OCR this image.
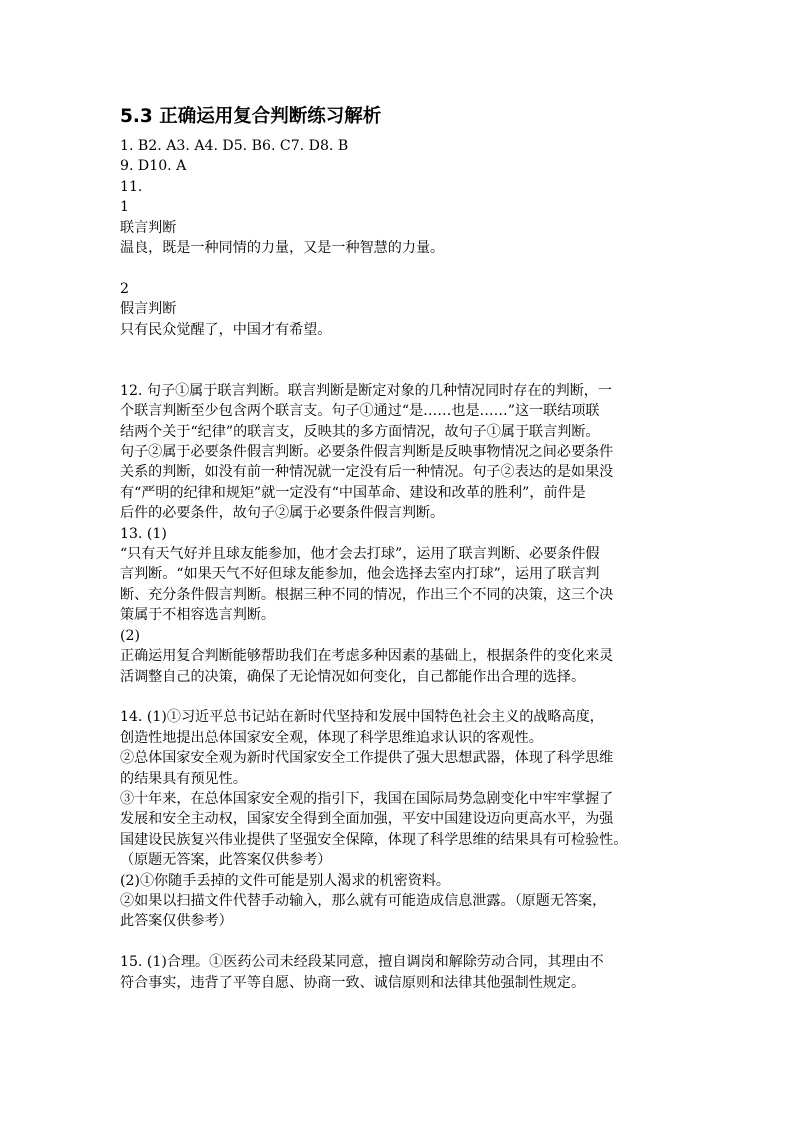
5.3 正确运用复合判断练习解析
1. B2. A3. A4. D5. B6. C7. D8. B
9. D10. A
11.
1
联言判断
温良，既是一种同情的力量，又是一种智慧的力量。
2
假言判断
只有民众觉醒了，中国才有希望。
12. 句子①属于联言判断。联言判断是断定对象的几种情况同时存在的判断，一
个联言判断至少包含两个联言支。句子①通过“是……也是……”这一联结项联
结两个关于“纪律”的联言支，反映其的多方面情况，故句子①属于联言判断。
句子②属于必要条件假言判断。必要条件假言判断是反映事物情况之间必要条件
关系的判断，如没有前一种情况就一定没有后一种情况。句子②表达的是如果没
有“严明的纪律和规矩”就一定没有“中国革命、建设和改革的胜利”，前件是
后件的必要条件，故句子②属于必要条件假言判断。
13. (1)
“只有天气好并且球友能参加，他才会去打球”，运用了联言判断、必要条件假
言判断。“如果天气不好但球友能参加，他会选择去室内打球”，运用了联言判
断、充分条件假言判断。根据三种不同的情况，作出三个不同的决策，这三个决
策属于不相容选言判断。
(2)
正确运用复合判断能够帮助我们在考虑多种因素的基础上，根据条件的变化来灵
活调整自己的决策，确保了无论情况如何变化，自己都能作出合理的选择。
14. (1)①习近平总书记站在新时代坚持和发展中国特色社会主义的战略高度，
创造性地提出总体国家安全观，体现了科学思维追求认识的客观性。
②总体国家安全观为新时代国家安全工作提供了强大思想武器，体现了科学思维
的结果具有预见性。
③十年来，在总体国家安全观的指引下，我国在国际局势急剧变化中牢牢掌握了
发展和安全主动权，国家安全得到全面加强，平安中国建设迈向更高水平，为强
国建设民族复兴伟业提供了坚强安全保障，体现了科学思维的结果具有可检验性。
（原题无答案，此答案仅供参考）
(2)①你随手丢掉的文件可能是别人渴求的机密资料。
②如果以扫描文件代替手动输入，那么就有可能造成信息泄露。（原题无答案，
此答案仅供参考）
15. (1)合理。①医药公司未经段某同意，擅自调岗和解除劳动合同，其理由不
符合事实，违背了平等自愿、协商一致、诚信原则和法律其他强制性规定。
